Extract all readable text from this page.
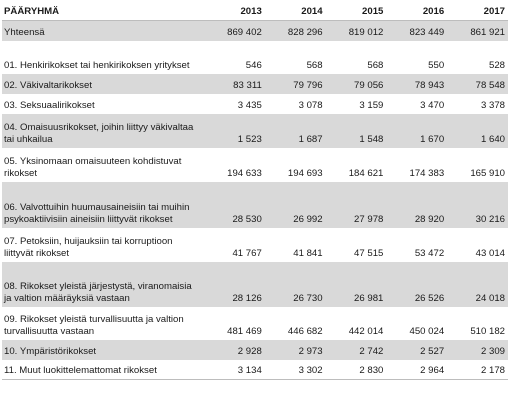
PÄÄRYHMÄ	2013	2014	2015	2016	2017
Yhteensä	869 402	828 296	819 012	823 449	861 921
01. Henkirikokset tai henkirikoksen yritykset	546	568	568	550	528
02. Väkivaltarikokset	83 311	79 796	79 056	78 943	78 548
03. Seksuaalirikokset	3 435	3 078	3 159	3 470	3 378
04. Omaisuusrikokset, joihin liittyy väkivaltaa tai uhkailua	1 523	1 687	1 548	1 670	1 640
05. Yksinomaan omaisuuteen kohdistuvat rikokset	194 633	194 693	184 621	174 383	165 910
06. Valvottuihin huumausaineisiin tai muihin psykoaktiivisiin aineisiin liittyvät rikokset	28 530	26 992	27 978	28 920	30 216
07. Petoksiin, huijauksiin tai korruptioon liittyvät rikokset	41 767	41 841	47 515	53 472	43 014
08. Rikokset yleistä järjestystä, viranomaisia ja valtion määräyksiä vastaan	28 126	26 730	26 981	26 526	24 018
09. Rikokset yleistä turvallisuutta ja valtion turvallisuutta vastaan	481 469	446 682	442 014	450 024	510 182
10. Ympäristörikokset	2 928	2 973	2 742	2 527	2 309
11. Muut luokittelemattomat rikokset	3 134	3 302	2 830	2 964	2 178
